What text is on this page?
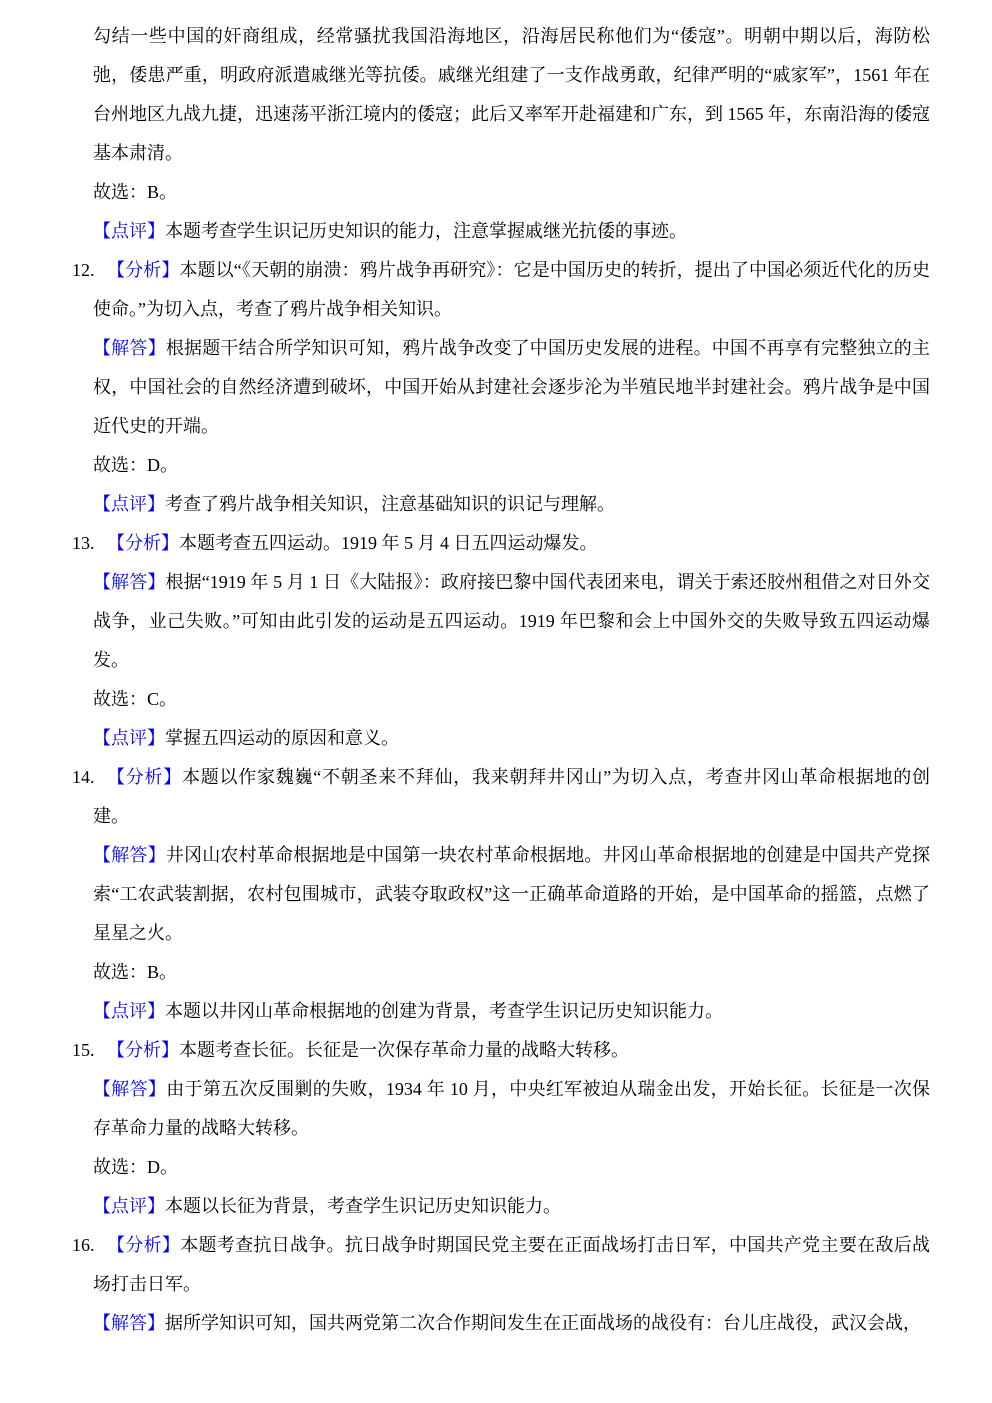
勾结一些中国的奸商组成，经常骚扰我国沿海地区，沿海居民称他们为“倭寇”。明朝中期以后，海防松弛，倭患严重，明政府派遣戚继光等抗倭。戚继光组建了一支作战勇敢，纪律严明的“戚家军”，1561 年在台州地区九战九捷，迅速荡平浙江境内的倭寇；此后又率军开赴福建和广东，到 1565 年，东南沿海的倭寇基本肃清。
故选：B。
【点评】本题考查学生识记历史知识的能力，注意掌握戚继光抗倭的事迹。
12. 【分析】本题以“《天朝的崩溃：鸦片战争再研究》：它是中国历史的转折，提出了中国必须近代化的历史使命。”为切入点，考查了鸦片战争相关知识。
【解答】根据题干结合所学知识可知，鸦片战争改变了中国历史发展的进程。中国不再享有完整独立的主权，中国社会的自然经济遭到破坏，中国开始从封建社会逐步沦为半殖民地半封建社会。鸦片战争是中国近代史的开端。
故选：D。
【点评】考查了鸦片战争相关知识，注意基础知识的识记与理解。
13. 【分析】本题考查五四运动。1919 年 5 月 4 日五四运动爆发。
【解答】根据“1919 年 5 月 1 日《大陆报》：政府接巴黎中国代表团来电，谓关于索还胶州租借之对日外交战争，业己失败。”可知由此引发的运动是五四运动。1919 年巴黎和会上中国外交的失败导致五四运动爆发。
故选：C。
【点评】掌握五四运动的原因和意义。
14. 【分析】本题以作家魏巍“不朝圣来不拜仙，我来朝拜井冈山”为切入点，考查井冈山革命根据地的创建。
【解答】井冈山农村革命根据地是中国第一块农村革命根据地。井冈山革命根据地的创建是中国共产党探索“工农武装割据，农村包围城市，武装夺取政权”这一正确革命道路的开始，是中国革命的摇篮，点燃了星星之火。
故选：B。
【点评】本题以井冈山革命根据地的创建为背景，考查学生识记历史知识能力。
15. 【分析】本题考查长征。长征是一次保存革命力量的战略大转移。
【解答】由于第五次反围剿的失败，1934 年 10 月，中央红军被迫从瑞金出发，开始长征。长征是一次保存革命力量的战略大转移。
故选：D。
【点评】本题以长征为背景，考查学生识记历史知识能力。
16. 【分析】本题考查抗日战争。抗日战争时期国民党主要在正面战场打击日军，中国共产党主要在敌后战场打击日军。
【解答】据所学知识可知，国共两党第二次合作期间发生在正面战场的战役有：台儿庄战役，武汉会战，
